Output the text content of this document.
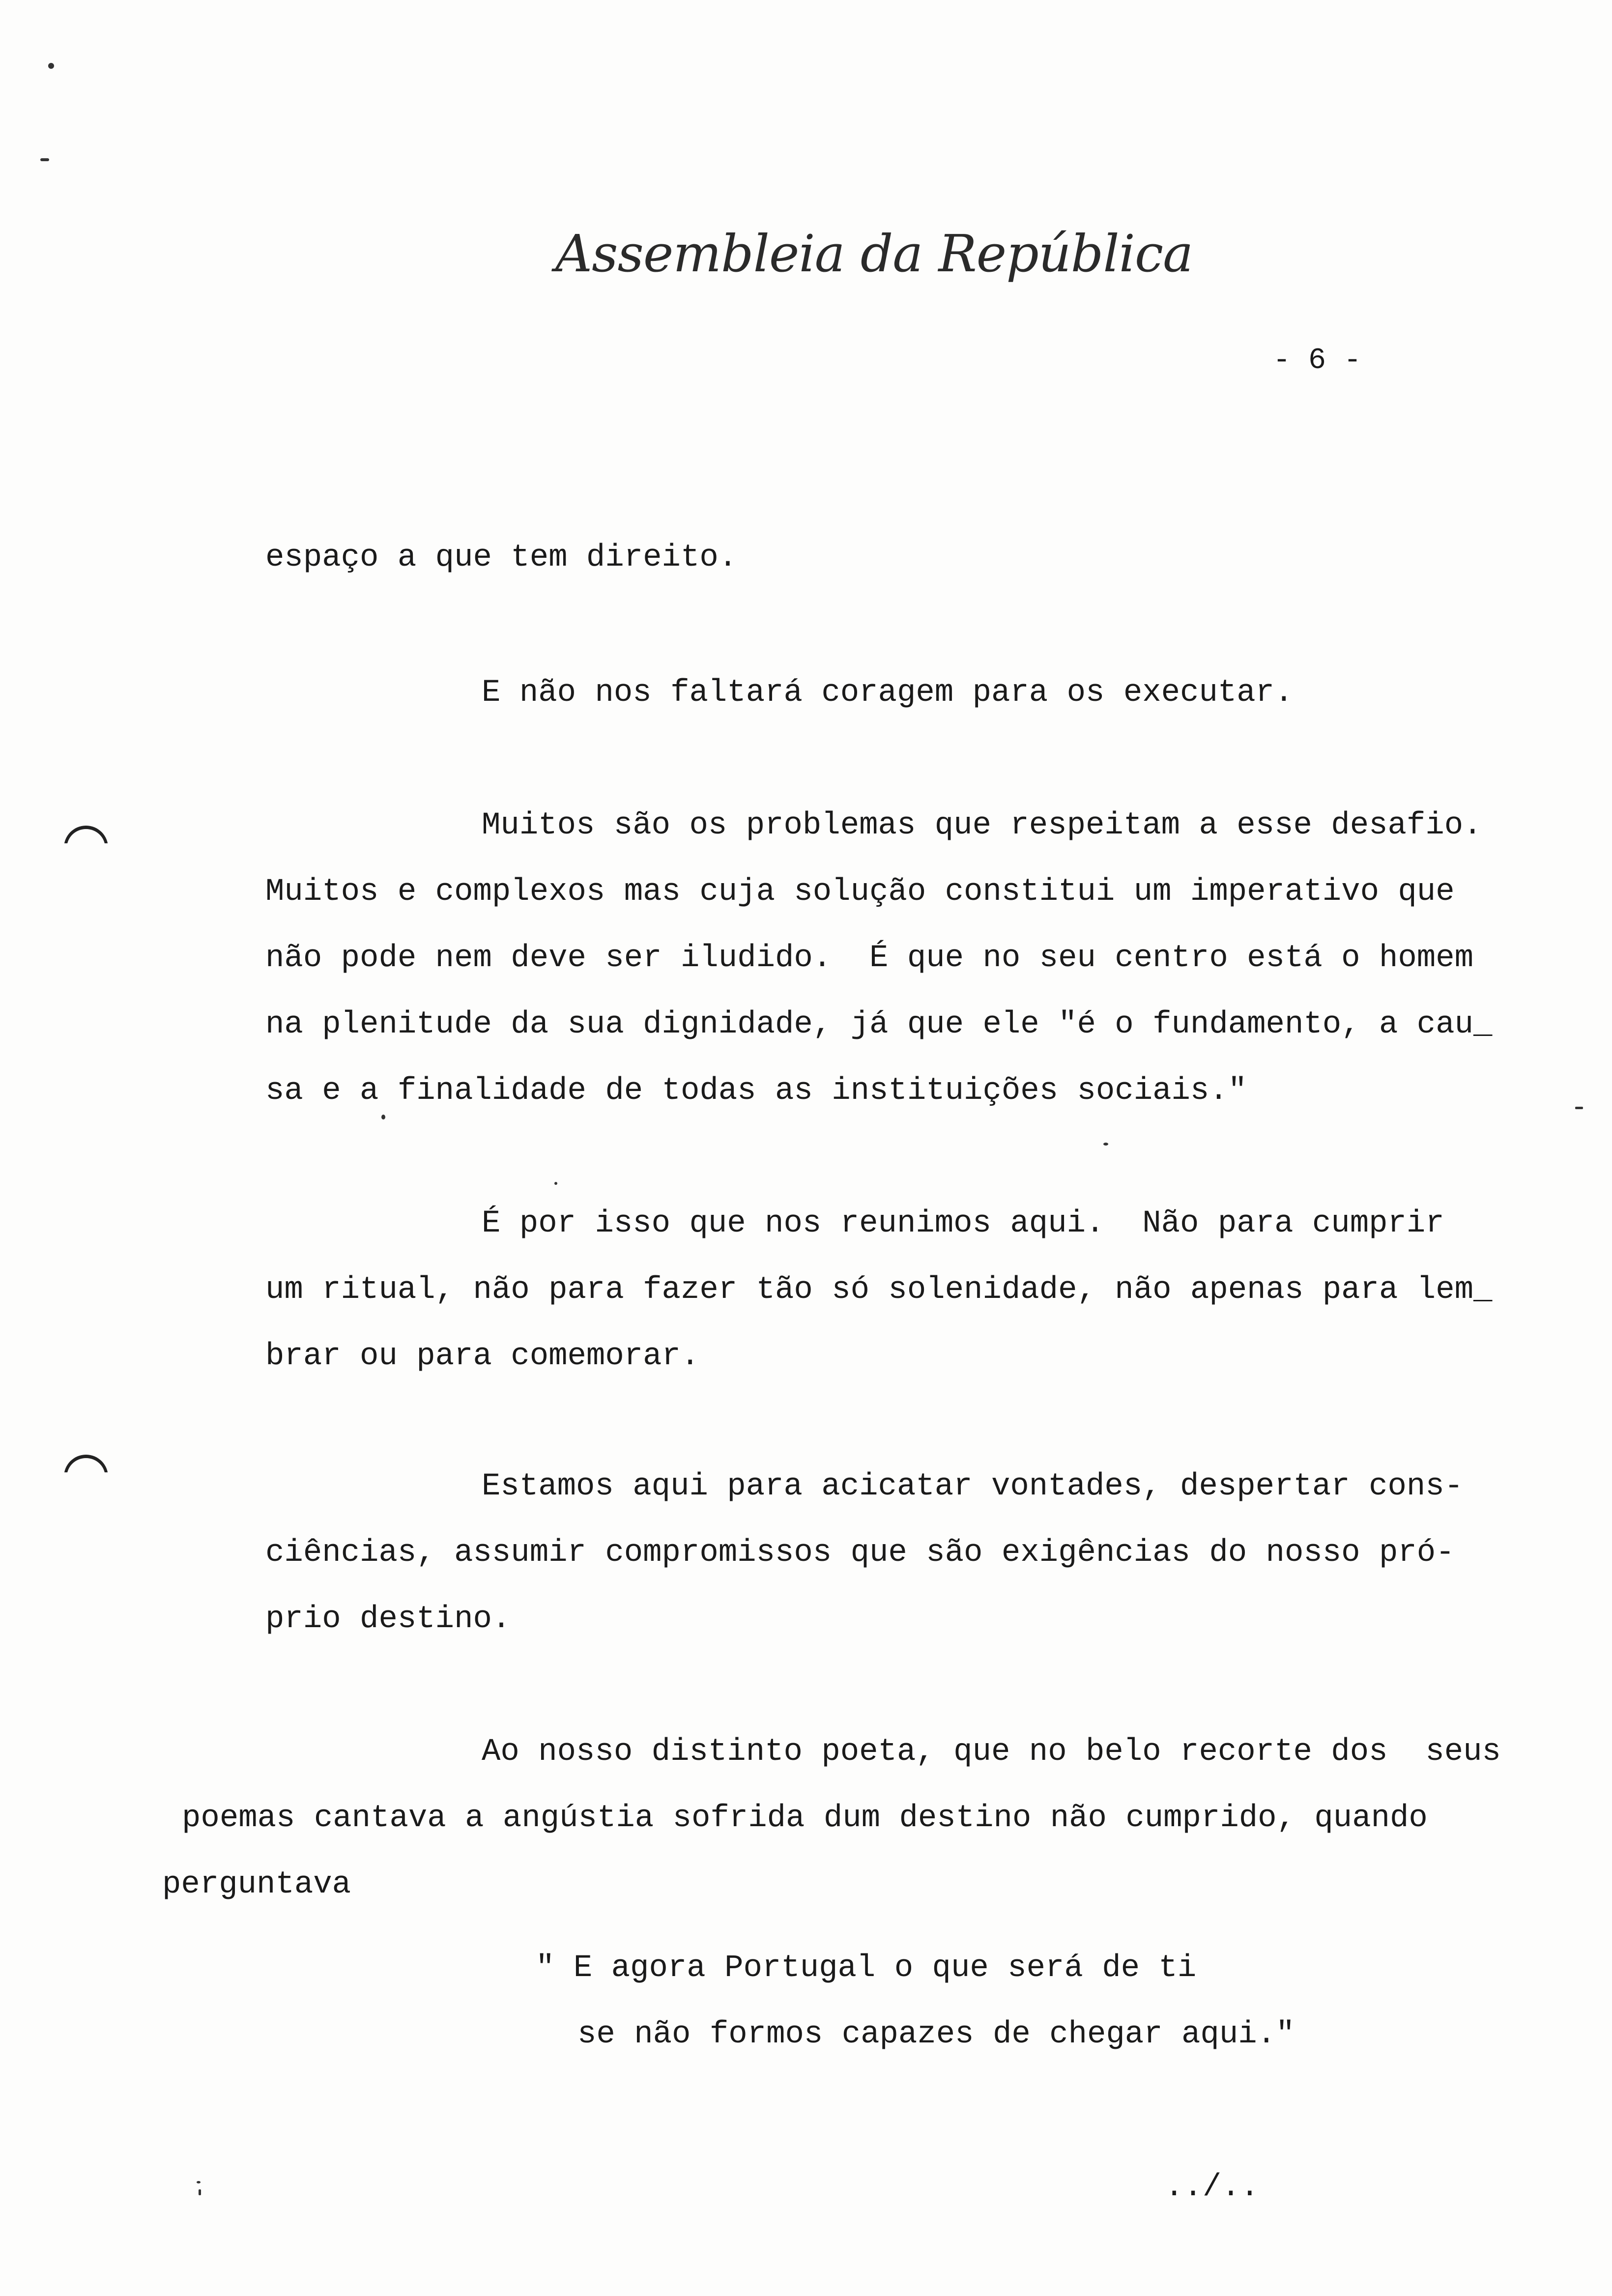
Assembleia da República
- 6 -
espaço a que tem direito.
E não nos faltará coragem para os executar.
Muitos são os problemas que respeitam a esse desafio.
Muitos e complexos mas cuja solução constitui um imperativo que
não pode nem deve ser iludido.  É que no seu centro está o homem
na plenitude da sua dignidade, já que ele "é o fundamento, a cau_
sa e a finalidade de todas as instituições sociais."
É por isso que nos reunimos aqui.  Não para cumprir
um ritual, não para fazer tão só solenidade, não apenas para lem_
brar ou para comemorar.
Estamos aqui para acicatar vontades, despertar cons-
ciências, assumir compromissos que são exigências do nosso pró-
prio destino.
Ao nosso distinto poeta, que no belo recorte dos  seus
poemas cantava a angústia sofrida dum destino não cumprido, quando
perguntava
" E agora Portugal o que será de ti
se não formos capazes de chegar aqui."
../..
